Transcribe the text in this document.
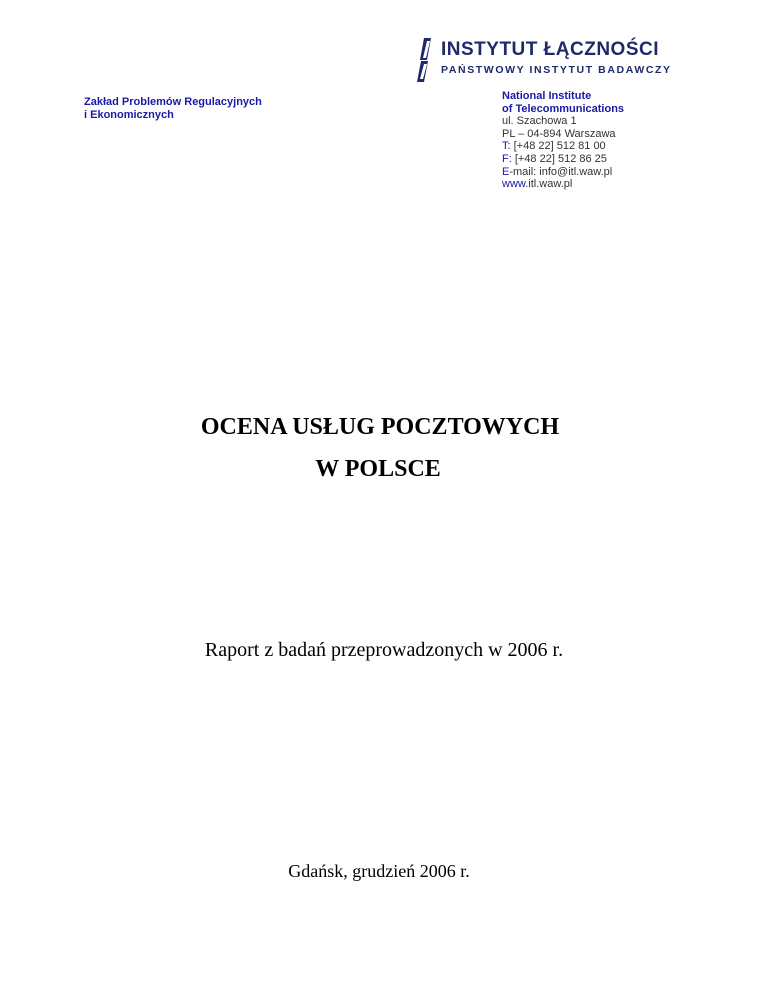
INSTYTUT ŁĄCZNOŚCI
PAŃSTWOWY INSTYTUT BADAWCZY
Zakład Problemów Regulacyjnych
i Ekonomicznych
National Institute
of Telecommunications
ul. Szachowa 1
PL – 04-894 Warszawa
T: [+48 22] 512 81 00
F: [+48 22] 512 86 25
E-mail: info@itl.waw.pl
www.itl.waw.pl
OCENA USŁUG POCZTOWYCH
W POLSCE
Raport z badań przeprowadzonych w 2006 r.
Gdańsk, grudzień 2006 r.
